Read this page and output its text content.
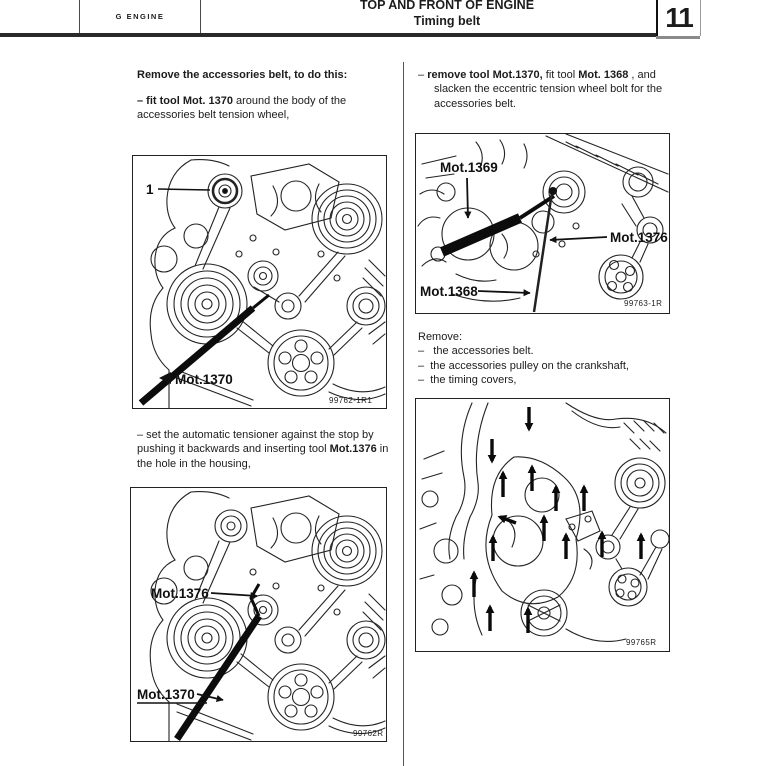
G ENGINE
TOP AND FRONT OF ENGINE
Timing belt	11
Remove the accessories belt, to do this:
– fit tool Mot. 1370 around the body of the accessories belt tension wheel,
1
Mot.1370
99762-1R1
– set the automatic tensioner against the stop by pushing it backwards and inserting tool Mot.1376 in the hole in the housing,
Mot.1376
Mot.1370
99762R
– remove tool Mot.1370, fit tool Mot. 1368 , and slacken the eccentric tension wheel bolt for the accessories belt.
Mot.1369
Mot.1376
Mot.1368
99763-1R
Remove:
–   the accessories belt.
–  the accessories pulley on the crankshaft,
–  the timing covers,
99765R
